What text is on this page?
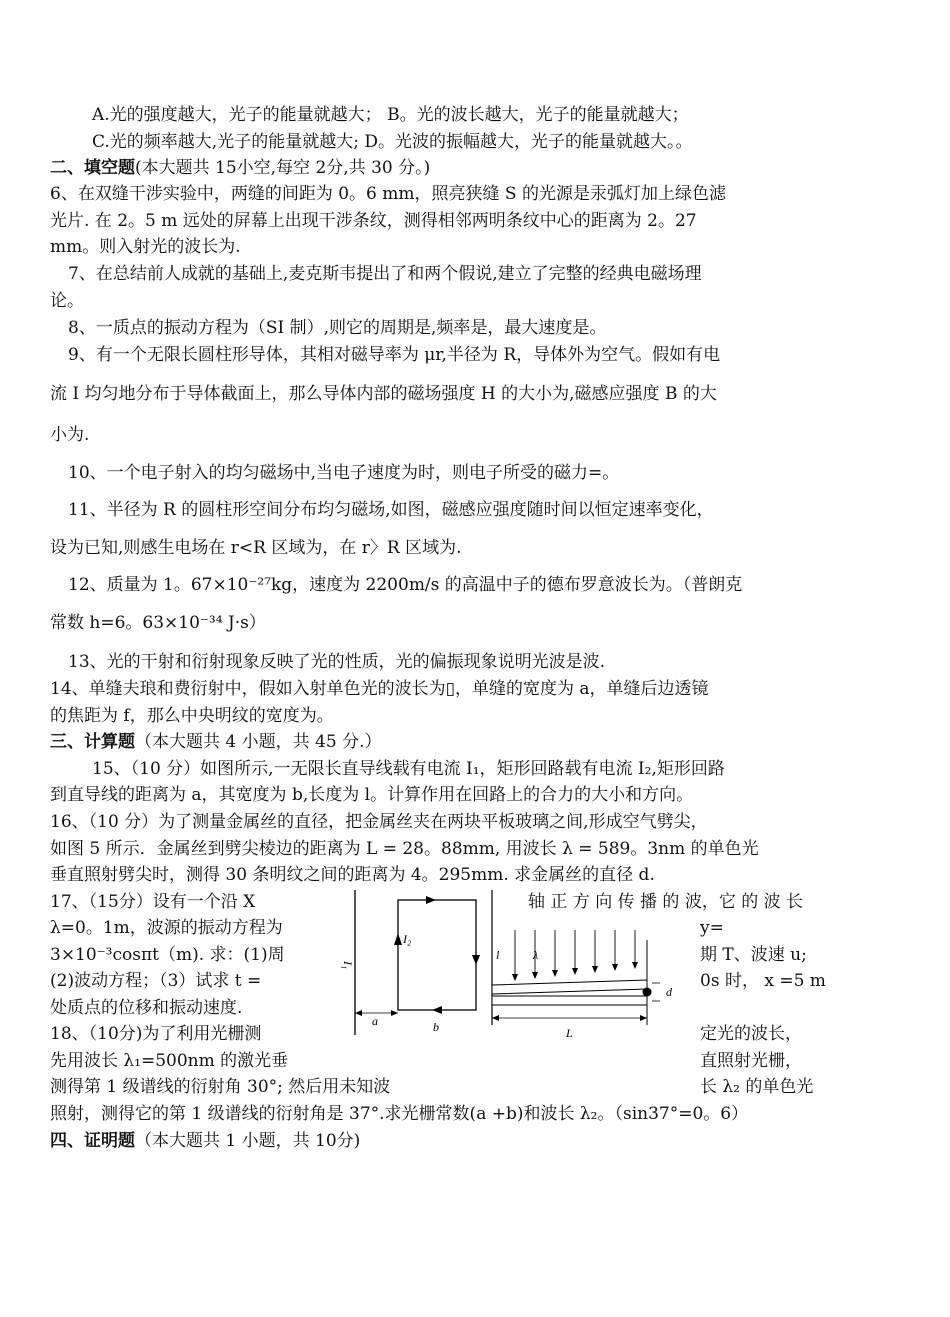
A.光的强度越大，光子的能量就越大； B。光的波长越大，光子的能量就越大；
C.光的频率越大,光子的能量就越大; D。光波的振幅越大，光子的能量就越大。。
二、填空题(本大题共 15小空,每空 2分,共 30 分。)
6、在双缝干涉实验中，两缝的间距为 0。6 mm，照亮狭缝 S 的光源是汞弧灯加上绿色滤
光片. 在 2。5 m 远处的屏幕上出现干涉条纹，测得相邻两明条纹中心的距离为 2。27
mm。则入射光的波长为.
7、在总结前人成就的基础上,麦克斯韦提出了和两个假说,建立了完整的经典电磁场理
论。
8、一质点的振动方程为（SI 制）,则它的周期是,频率是，最大速度是。
9、有一个无限长圆柱形导体，其相对磁导率为 μr,半径为 R，导体外为空气。假如有电
流 I 均匀地分布于导体截面上，那么导体内部的磁场强度 H 的大小为,磁感应强度 B 的大
小为.
10、一个电子射入的均匀磁场中,当电子速度为时，则电子所受的磁力=。
11、半径为 R 的圆柱形空间分布均匀磁场,如图，磁感应强度随时间以恒定速率变化，
设为已知,则感生电场在 r<R 区域为，在 r〉R 区域为.
12、质量为 1。67×10⁻²⁷kg，速度为 2200m/s 的高温中子的德布罗意波长为。（普朗克
常数 h=6。63×10⁻³⁴ J·s）
13、光的干射和衍射现象反映了光的性质，光的偏振现象说明光波是波.
14、单缝夫琅和费衍射中，假如入射单色光的波长为▯，单缝的宽度为 a，单缝后边透镜
的焦距为 f，那么中央明纹的宽度为。
三、计算题（本大题共 4 小题，共 45 分.）
15、（10 分）如图所示,一无限长直导线载有电流 I₁，矩形回路载有电流 I₂,矩形回路
到直导线的距离为 a，其宽度为 b,长度为 l。计算作用在回路上的合力的大小和方向。
16、（10 分）为了测量金属丝的直径，把金属丝夹在两块平板玻璃之间,形成空气劈尖，
如图 5 所示．金属丝到劈尖棱边的距离为 L = 28。88mm, 用波长 λ = 589。3nm 的单色光
垂直照射劈尖时，测得 30 条明纹之间的距离为 4。295mm. 求金属丝的直径 d.
17、（15分）设有一个沿 X	轴 正 方 向 传 播 的 波，它 的 波 长
λ=0。1m，波源的振动方程为	y=
3×10⁻³cosπt（m). 求：(1)周	期 T、波速 u;
(2)波动方程；（3）试求 t =	0s 时， x =5 m
处质点的位移和振动速度.
18、（10分)为了利用光栅测	定光的波长，
先用波长 λ₁=500nm 的激光垂	直照射光栅，
测得第 1 级谱线的衍射角 30°; 然后用未知波	长 λ₂ 的单色光
照射，测得它的第 1 级谱线的衍射角是 37°.求光栅常数(a +b)和波长 λ₂。（sin37°=0。6）
四、证明题（本大题共 1 小题，共 10分)
I₂
I₁
a	b
l	λ
d
L
